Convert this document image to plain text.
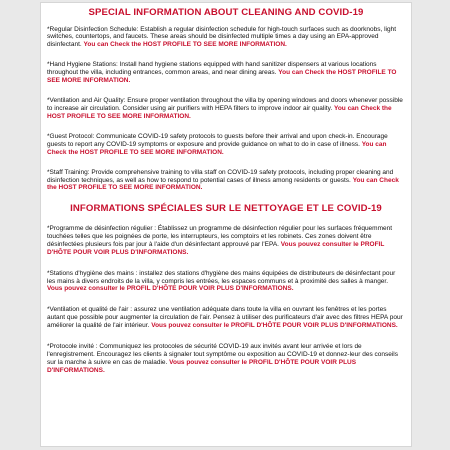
SPECIAL INFORMATION ABOUT CLEANING AND COVID-19

*Regular Disinfection Schedule: Establish a regular disinfection schedule for high-touch surfaces such as doorknobs, light switches, countertops, and faucets. These areas should be disinfected multiple times a day using an EPA-approved disinfectant. You can Check the HOST PROFILE TO SEE MORE INFORMATION.

*Hand Hygiene Stations: Install hand hygiene stations equipped with hand sanitizer dispensers at various locations throughout the villa, including entrances, common areas, and near dining areas. You can Check the HOST PROFILE TO SEE MORE INFORMATION.

*Ventilation and Air Quality: Ensure proper ventilation throughout the villa by opening windows and doors whenever possible to increase air circulation. Consider using air purifiers with HEPA filters to improve indoor air quality. You can Check the HOST PROFILE TO SEE MORE INFORMATION.

*Guest Protocol: Communicate COVID-19 safety protocols to guests before their arrival and upon check-in. Encourage guests to report any COVID-19 symptoms or exposure and provide guidance on what to do in case of illness. You can Check the HOST PROFILE TO SEE MORE INFORMATION.

*Staff Training: Provide comprehensive training to villa staff on COVID-19 safety protocols, including proper cleaning and disinfection techniques, as well as how to respond to potential cases of illness among residents or guests. You can Check the HOST PROFILE TO SEE MORE INFORMATION.

INFORMATIONS SPÉCIALES SUR LE NETTOYAGE ET LE COVID-19

*Programme de désinfection régulier : Établissez un programme de désinfection régulier pour les surfaces fréquemment touchées telles que les poignées de porte, les interrupteurs, les comptoirs et les robinets. Ces zones doivent être désinfectées plusieurs fois par jour à l'aide d'un désinfectant approuvé par l'EPA. Vous pouvez consulter le PROFIL D'HÔTE POUR VOIR PLUS D'INFORMATIONS.

*Stations d'hygiène des mains : installez des stations d'hygiène des mains équipées de distributeurs de désinfectant pour les mains à divers endroits de la villa, y compris les entrées, les espaces communs et à proximité des salles à manger. Vous pouvez consulter le PROFIL D'HÔTE POUR VOIR PLUS D'INFORMATIONS.

*Ventilation et qualité de l'air : assurez une ventilation adéquate dans toute la villa en ouvrant les fenêtres et les portes autant que possible pour augmenter la circulation de l'air. Pensez à utiliser des purificateurs d'air avec des filtres HEPA pour améliorer la qualité de l'air intérieur. Vous pouvez consulter le PROFIL D'HÔTE POUR VOIR PLUS D'INFORMATIONS.

*Protocole invité : Communiquez les protocoles de sécurité COVID-19 aux invités avant leur arrivée et lors de l'enregistrement. Encouragez les clients à signaler tout symptôme ou exposition au COVID-19 et donnez-leur des conseils sur la marche à suivre en cas de maladie. Vous pouvez consulter le PROFIL D'HÔTE POUR VOIR PLUS D'INFORMATIONS.
